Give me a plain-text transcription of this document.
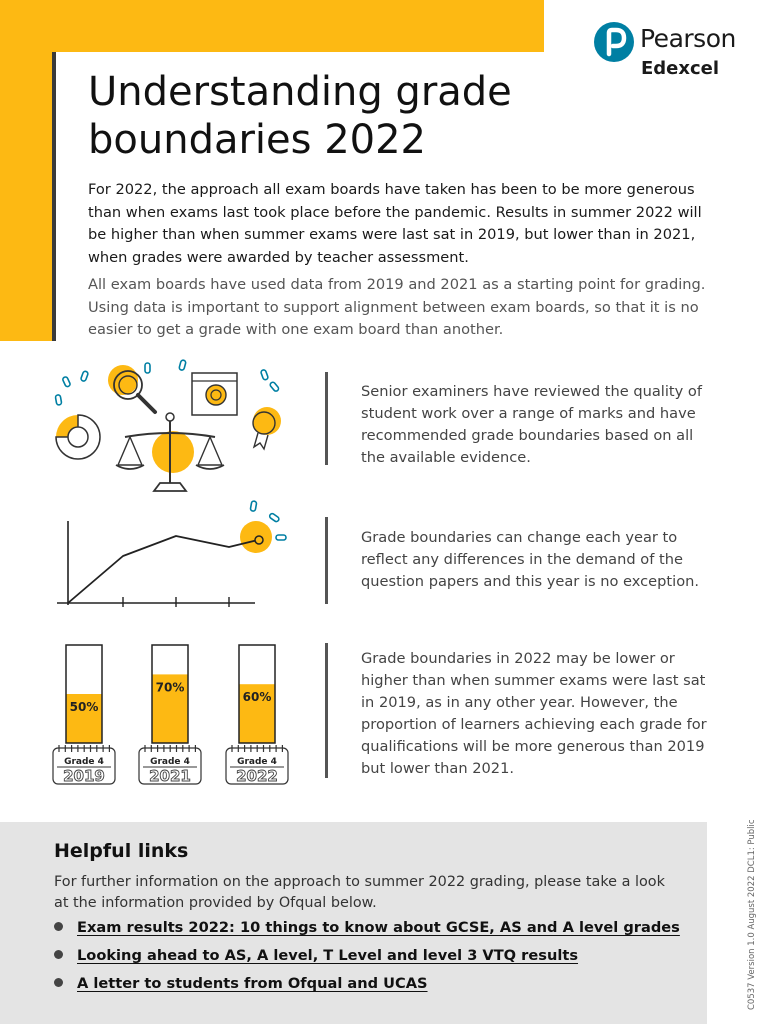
Pearson
Edexcel
Understanding grade boundaries 2022

For 2022, the approach all exam boards have taken has been to be more generous than when exams last took place before the pandemic. Results in summer 2022 will be higher than when summer exams were last sat in 2019, but lower than in 2021, when grades were awarded by teacher assessment.

All exam boards have used data from 2019 and 2021 as a starting point for grading. Using data is important to support alignment between exam boards, so that it is no easier to get a grade with one exam board than another.

Senior examiners have reviewed the quality of student work over a range of marks and have recommended grade boundaries based on all the available evidence.

Grade boundaries can change each year to reflect any differences in the demand of the question papers and this year is no exception.

50%
Grade 4
2019
70%
Grade 4
2021
60%
Grade 4
2022

Grade boundaries in 2022 may be lower or higher than when summer exams were last sat in 2019, as in any other year. However, the proportion of learners achieving each grade for qualifications will be more generous than 2019 but lower than 2021.

Helpful links

For further information on the approach to summer 2022 grading, please take a look at the information provided by Ofqual below.

Exam results 2022: 10 things to know about GCSE, AS and A level grades
Looking ahead to AS, A level, T Level and level 3 VTQ results
A letter to students from Ofqual and UCAS	C0537 Version 1.0 August 2022 DCL1: Public
